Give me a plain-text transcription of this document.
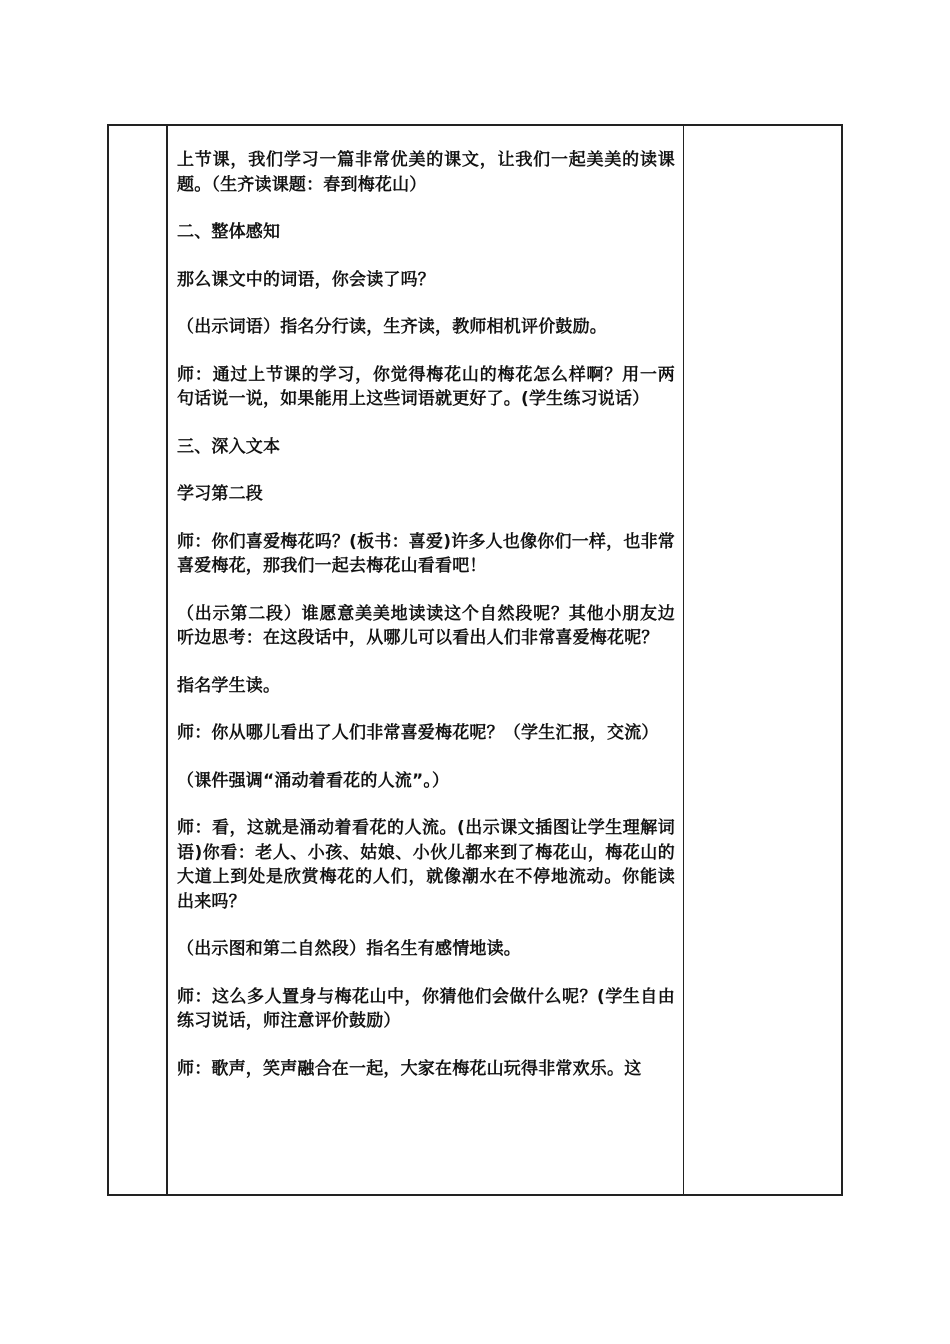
上节课，我们学习一篇非常优美的课文，让我们一起美美的读课题。（生齐读课题：春到梅花山）

二、整体感知

那么课文中的词语，你会读了吗？

（出示词语）指名分行读，生齐读，教师相机评价鼓励。

师：通过上节课的学习，你觉得梅花山的梅花怎么样啊？用一两句话说一说，如果能用上这些词语就更好了。(学生练习说话）

三、深入文本

学习第二段

师：你们喜爱梅花吗？(板书：喜爱)许多人也像你们一样，也非常喜爱梅花，那我们一起去梅花山看看吧！

（出示第二段）谁愿意美美地读读这个自然段呢？其他小朋友边听边思考：在这段话中，从哪儿可以看出人们非常喜爱梅花呢？

指名学生读。

师：你从哪儿看出了人们非常喜爱梅花呢？（学生汇报，交流）

（课件强调“涌动着看花的人流”。）

师：看，这就是涌动着看花的人流。(出示课文插图让学生理解词语)你看：老人、小孩、姑娘、小伙儿都来到了梅花山，梅花山的大道上到处是欣赏梅花的人们，就像潮水在不停地流动。你能读出来吗？

（出示图和第二自然段）指名生有感情地读。

师：这么多人置身与梅花山中，你猜他们会做什么呢？(学生自由练习说话，师注意评价鼓励）

师：歌声，笑声融合在一起，大家在梅花山玩得非常欢乐。这
